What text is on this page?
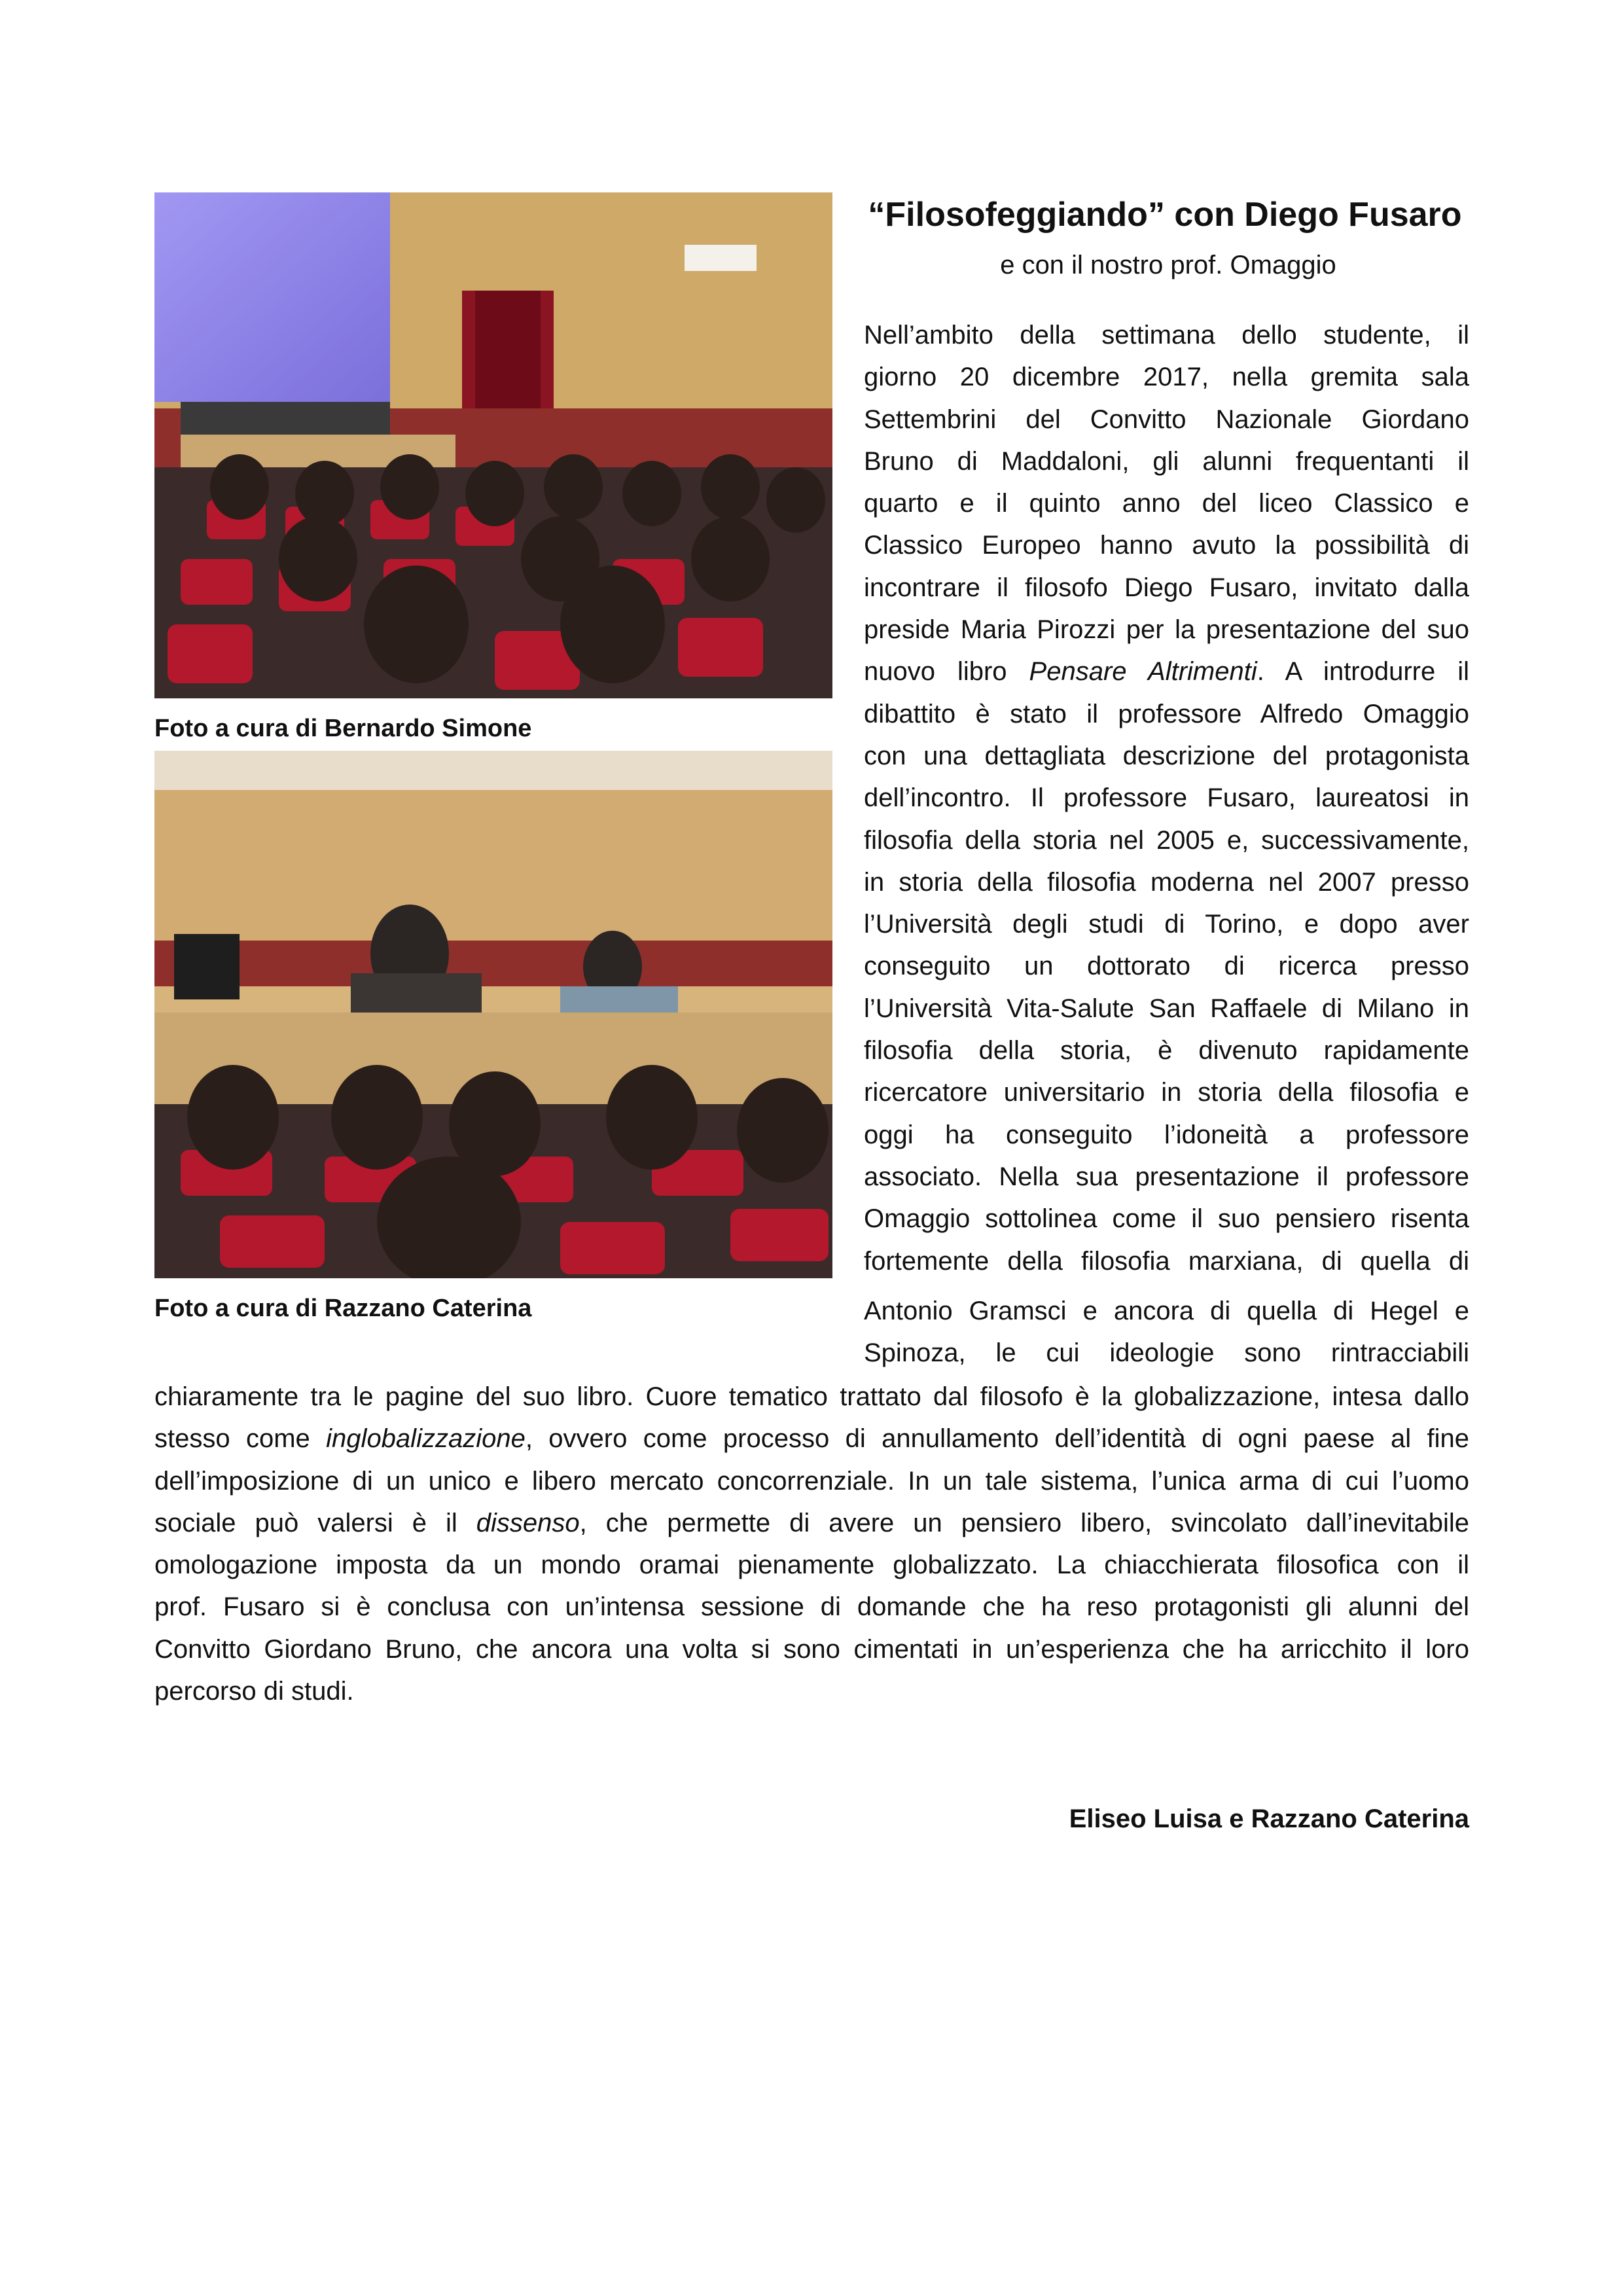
Foto a cura di Bernardo Simone
Foto a cura di Razzano Caterina
“Filosofeggiando” con Diego Fusaro
e con il nostro prof. Omaggio
Nell’ambito della settimana dello studente, il
giorno 20 dicembre 2017, nella gremita sala
Settembrini del Convitto Nazionale Giordano
Bruno di Maddaloni, gli alunni frequentanti il
quarto e il quinto anno del liceo Classico e
Classico Europeo hanno avuto la possibilità di
incontrare il filosofo Diego Fusaro, invitato dalla
preside Maria Pirozzi per la presentazione del suo
nuovo libro Pensare Altrimenti. A introdurre il
dibattito è stato il professore Alfredo Omaggio
con una dettagliata descrizione del protagonista
dell’incontro. Il professore Fusaro, laureatosi in
filosofia della storia nel 2005 e, successivamente,
in storia della filosofia moderna nel 2007 presso
l’Università degli studi di Torino, e dopo aver
conseguito un dottorato di ricerca presso
l’Università Vita-Salute San Raffaele di Milano in
filosofia della storia, è divenuto rapidamente
ricercatore universitario in storia della filosofia e
oggi ha conseguito l’idoneità a professore
associato. Nella sua presentazione il professore
Omaggio sottolinea come il suo pensiero risenta
fortemente della filosofia marxiana, di quella di
Antonio Gramsci e ancora di quella di Hegel e
Spinoza, le cui ideologie sono rintracciabili
chiaramente tra le pagine del suo libro. Cuore tematico trattato dal filosofo è la globalizzazione, intesa dallo
stesso come inglobalizzazione, ovvero come processo di annullamento dell’identità di ogni paese al fine
dell’imposizione di un unico e libero mercato concorrenziale. In un tale sistema, l’unica arma di cui l’uomo
sociale può valersi è il dissenso, che permette di avere un pensiero libero, svincolato dall’inevitabile
omologazione imposta da un mondo oramai pienamente globalizzato. La chiacchierata filosofica con il
prof. Fusaro si è conclusa con un’intensa sessione di domande che ha reso protagonisti gli alunni del
Convitto Giordano Bruno, che ancora una volta si sono cimentati in un’esperienza che ha arricchito il loro
percorso di studi.
Eliseo Luisa e Razzano Caterina
